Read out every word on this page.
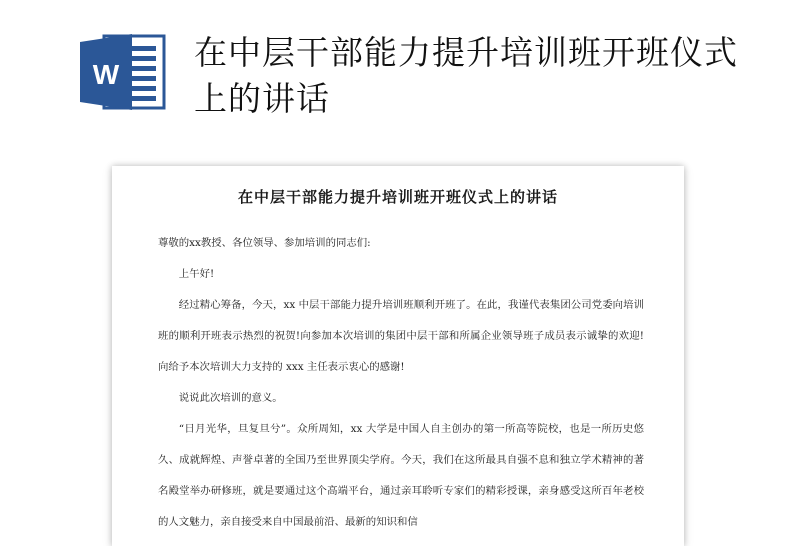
W
在中层干部能力提升培训班开班仪式上的讲话
在中层干部能力提升培训班开班仪式上的讲话

尊敬的xx教授、各位领导、参加培训的同志们:

上午好!

经过精心筹备，今天，xx 中层干部能力提升培训班顺利开班了。在此，我谨代表集团公司党委向培训班的顺利开班表示热烈的祝贺!向参加本次培训的集团中层干部和所属企业领导班子成员表示诚挚的欢迎!向给予本次培训大力支持的 xxx 主任表示衷心的感谢!

说说此次培训的意义。

“日月光华，旦复旦兮”。众所周知，xx 大学是中国人自主创办的第一所高等院校，也是一所历史悠久、成就辉煌、声誉卓著的全国乃至世界顶尖学府。今天，我们在这所最具自强不息和独立学术精神的著名殿堂举办研修班，就是要通过这个高端平台，通过亲耳聆听专家们的精彩授课，亲身感受这所百年老校的人文魅力，亲自接受来自中国最前沿、最新的知识和信
